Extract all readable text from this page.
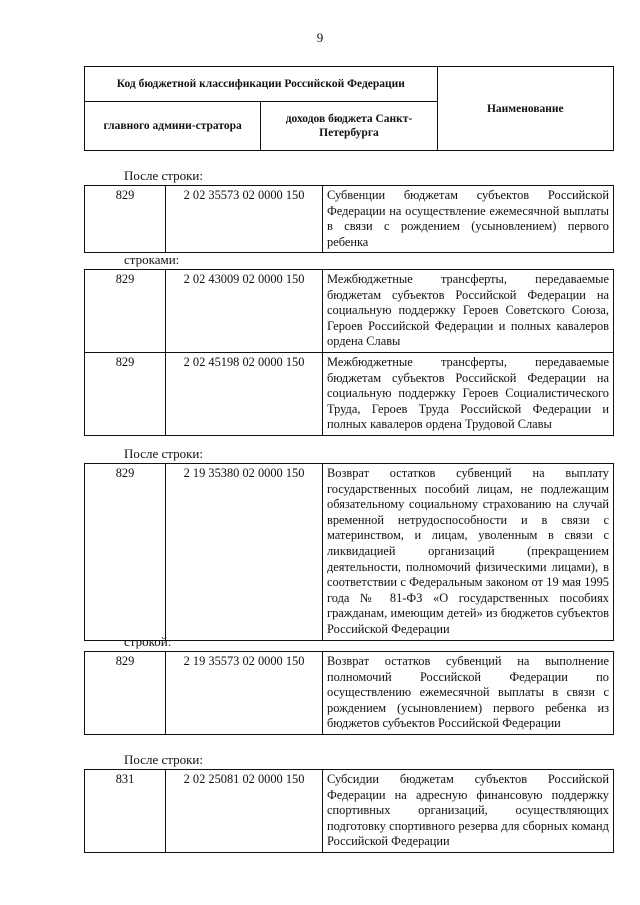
9
Код бюджетной классификации Российской Федерации		Наименование
главного админи-стратора	доходов бюджета Санкт-Петербурга	
После строки:
829	2 02 35573 02 0000 150	Субвенции бюджетам субъектов Российской Федерации на осуществление ежемесячной выплаты в связи с рождением (усыновлением) первого ребенка
строками:
829	2 02 43009 02 0000 150	Межбюджетные трансферты, передаваемые бюджетам субъектов Российской Федерации на социальную поддержку Героев Советского Союза, Героев Российской Федерации и полных кавалеров ордена Славы
829	2 02 45198 02 0000 150	Межбюджетные трансферты, передаваемые бюджетам субъектов Российской Федерации на социальную поддержку Героев Социалистического Труда, Героев Труда Российской Федерации и полных кавалеров ордена Трудовой Славы
После строки:
829	2 19 35380 02 0000 150	Возврат остатков субвенций на выплату государственных пособий лицам, не подлежащим обязательному социальному страхованию на случай временной нетрудоспособности и в связи с материнством, и лицам, уволенным в связи с ликвидацией организаций (прекращением деятельности, полномочий физическими лицами), в соответствии с Федеральным законом от 19 мая 1995 года № 81-ФЗ «О государственных пособиях гражданам, имеющим детей» из бюджетов субъектов Российской Федерации
строкой:
829	2 19 35573 02 0000 150	Возврат остатков субвенций на выполнение полномочий Российской Федерации по осуществлению ежемесячной выплаты в связи с рождением (усыновлением) первого ребенка из бюджетов субъектов Российской Федерации
После строки:
831	2 02 25081 02 0000 150	Субсидии бюджетам субъектов Российской Федерации на адресную финансовую поддержку спортивных организаций, осуществляющих подготовку спортивного резерва для сборных команд Российской Федерации
